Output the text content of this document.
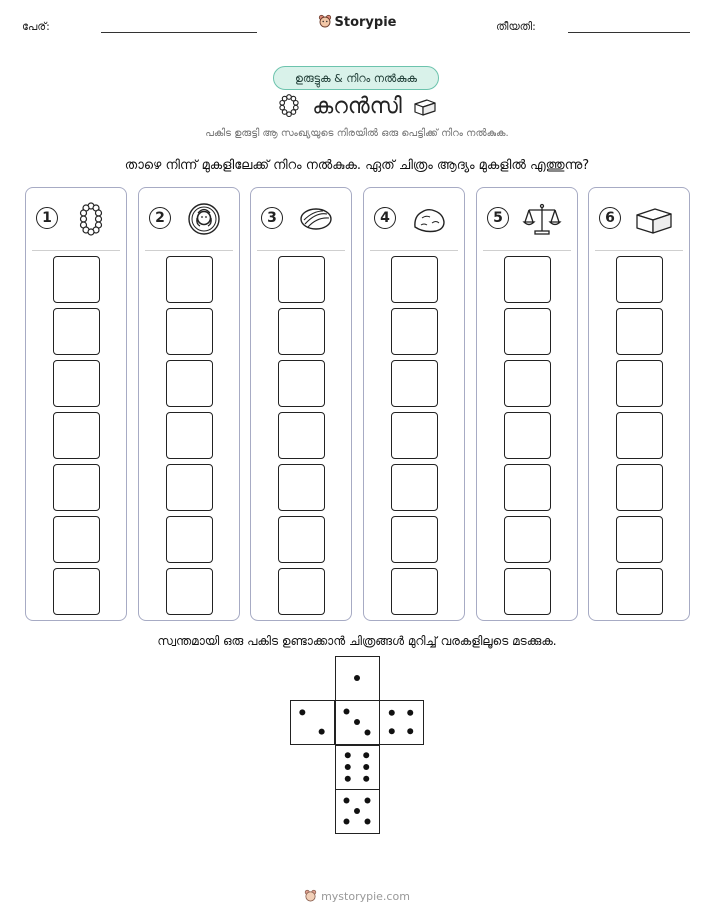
പേര്:	Storypie	തീയതി:
ഉരുട്ടുക & നിറം നൽകുക
കറൻസി
പകിട ഉരുട്ടി ആ സംഖ്യയുടെ നിരയിൽ ഒരു പെട്ടിക്ക് നിറം നൽകുക.
താഴെ നിന്ന് മുകളിലേക്ക് നിറം നൽകുക. ഏത് ചിത്രം ആദ്യം മുകളിൽ എത്തുന്നു?
1	2	3	4	5	6
സ്വന്തമായി ഒരു പകിട ഉണ്ടാക്കാൻ ചിത്രങ്ങൾ മുറിച്ച് വരകളിലൂടെ മടക്കുക.
mystorypie.com
